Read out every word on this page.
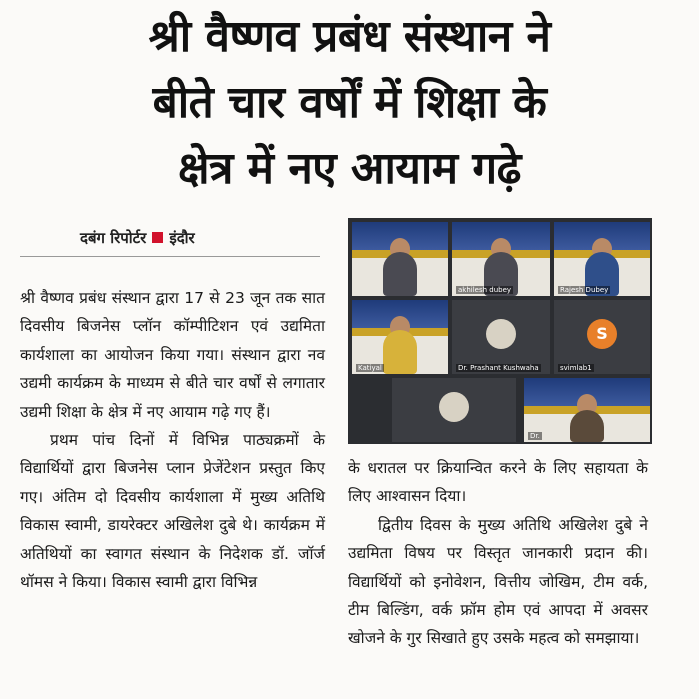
श्री वैष्णव प्रबंध संस्थान ने
बीते चार वर्षों में शिक्षा के
क्षेत्र में नए आयाम गढ़े
दबंग रिपोर्टर इंदौर

श्री वैष्णव प्रबंध संस्थान द्वारा 17 से 23 जून तक सात दिवसीय बिजनेस प्लॉन कॉम्पीटिशन एवं उद्यमिता कार्यशाला का आयोजन किया गया। संस्थान द्वारा नव उद्यमी कार्यक्रम के माध्यम से बीते चार वर्षों से लगातार उद्यमी शिक्षा के क्षेत्र में नए आयाम गढ़े गए हैं।

प्रथम पांच दिनों में विभिन्न पाठ्यक्रमों के विद्यार्थियों द्वारा बिजनेस प्लान प्रेजेंटेशन प्रस्तुत किए गए। अंतिम दो दिवसीय कार्यशाला में मुख्य अतिथि विकास स्वामी, डायरेक्टर अखिलेश दुबे थे। कार्यक्रम में अतिथियों का स्वागत संस्थान के निदेशक डॉ. जॉर्ज थॉमस ने किया। विकास स्वामी द्वारा विभिन्न

akhilesh dubey	Rajesh Dubey
Katiyal	Dr. Prashant Kushwaha
S
svimlab1
Dr.

के धरातल पर क्रियान्वित करने के लिए सहायता के लिए आश्वासन दिया।

द्वितीय दिवस के मुख्य अतिथि अखिलेश दुबे ने उद्यमिता विषय पर विस्तृत जानकारी प्रदान की। विद्यार्थियों को इनोवेशन, वित्तीय जोखिम, टीम वर्क, टीम बिल्डिंग, वर्क फ्रॉम होम एवं आपदा में अवसर खोजने के गुर सिखाते हुए उसके महत्व को समझाया।
